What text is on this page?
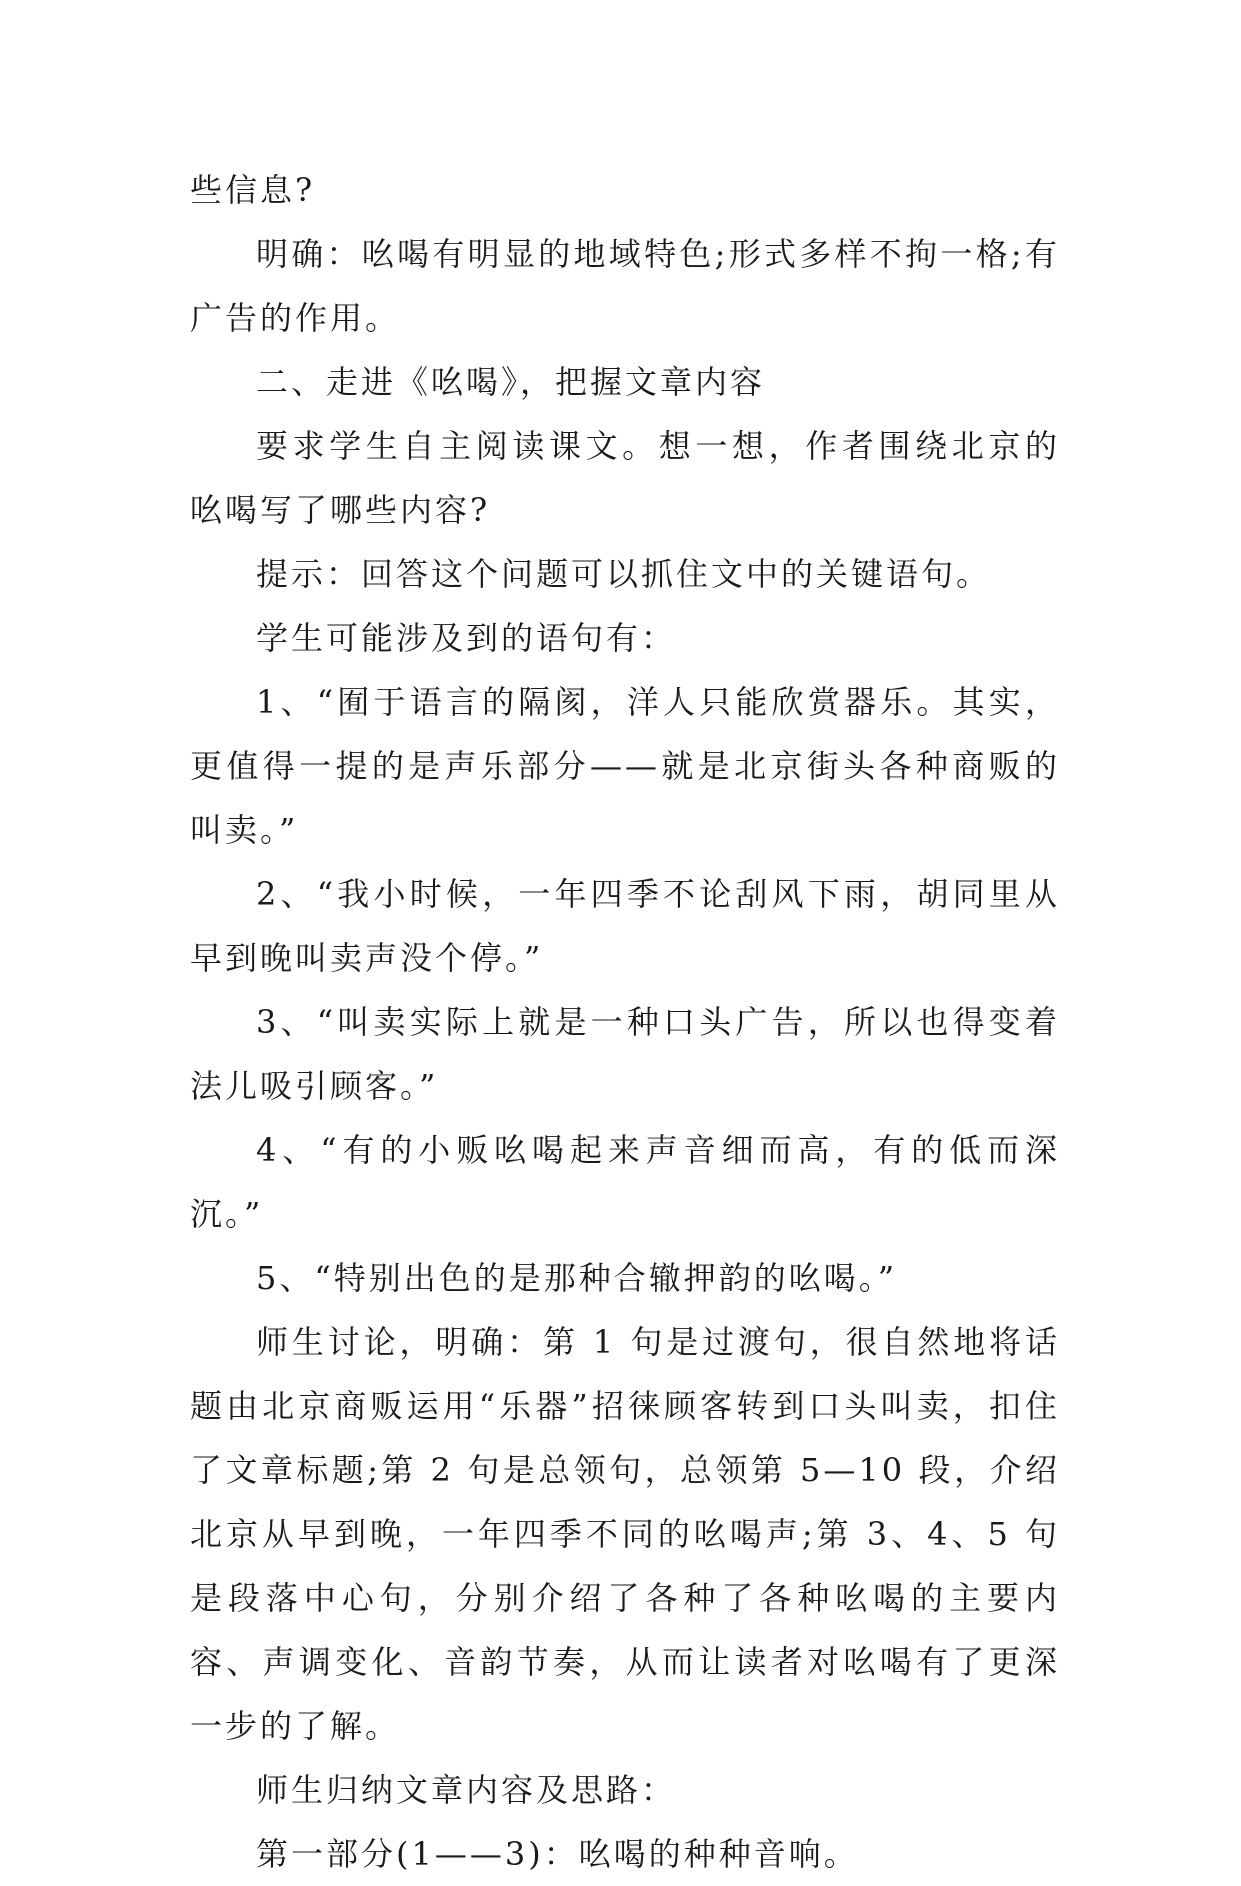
些信息?

明确：吆喝有明显的地域特色;形式多样不拘一格;有广告的作用。

二、走进《吆喝》，把握文章内容

要求学生自主阅读课文。想一想，作者围绕北京的吆喝写了哪些内容?

提示：回答这个问题可以抓住文中的关键语句。

学生可能涉及到的语句有：

1、“囿于语言的隔阂，洋人只能欣赏器乐。其实，更值得一提的是声乐部分——就是北京街头各种商贩的叫卖。”

2、“我小时候，一年四季不论刮风下雨，胡同里从早到晚叫卖声没个停。”

3、“叫卖实际上就是一种口头广告，所以也得变着法儿吸引顾客。”

4、“有的小贩吆喝起来声音细而高，有的低而深沉。”

5、“特别出色的是那种合辙押韵的吆喝。”

师生讨论，明确：第 1 句是过渡句，很自然地将话题由北京商贩运用“乐器”招徕顾客转到口头叫卖，扣住了文章标题;第 2 句是总领句，总领第 5—10 段，介绍北京从早到晚，一年四季不同的吆喝声;第 3、4、5 句是段落中心句，分别介绍了各种了各种吆喝的主要内容、声调变化、音韵节奏，从而让读者对吆喝有了更深一步的了解。

师生归纳文章内容及思路：

第一部分(1——3)：吆喝的种种音响。
